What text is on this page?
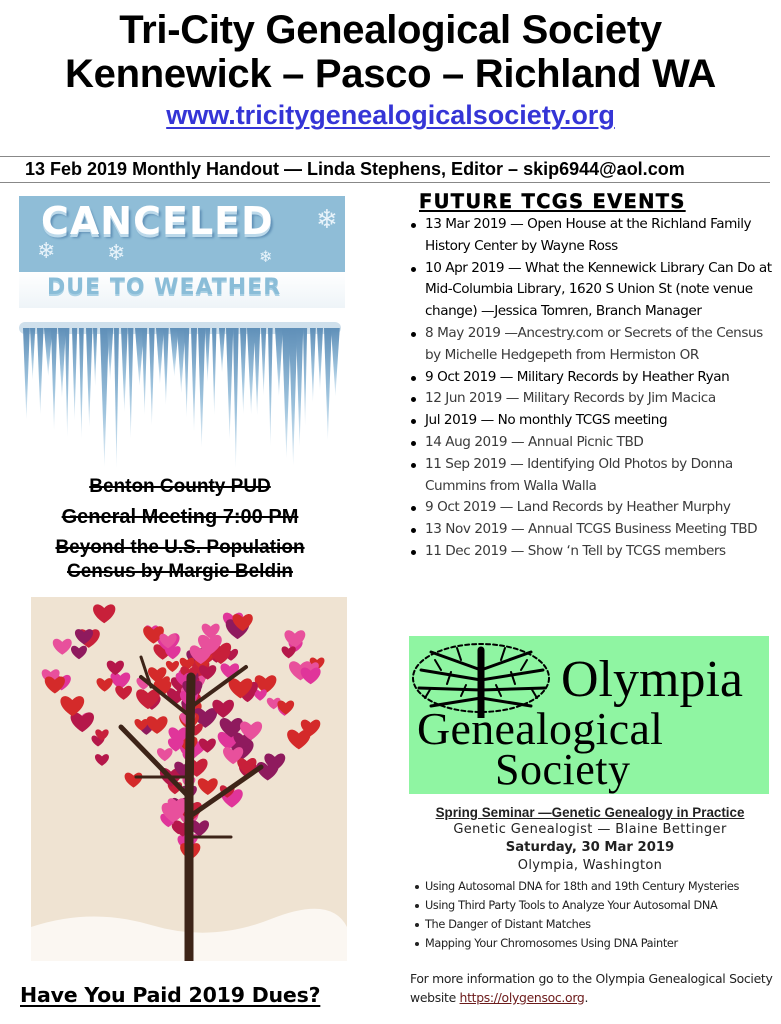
Tri-City Genealogical Society
Kennewick – Pasco – Richland WA
www.tricitygenealogicalsociety.org
13 Feb 2019 Monthly Handout — Linda Stephens, Editor – skip6944@aol.com
❄ ❄	❄
❄
CANCELED
DUE TO WEATHER
Benton County PUD
General Meeting 7:00 PM
Beyond the U.S. Population
Census by Margie Beldin
Have You Paid 2019 Dues?
FUTURE TCGS EVENTS
13 Mar 2019 — Open House at the Richland Family History Center by Wayne Ross
10 Apr 2019 — What the Kennewick Library Can Do at Mid-Columbia Library, 1620 S Union St (note venue change) —Jessica Tomren, Branch Manager
8 May 2019 —Ancestry.com or Secrets of the Census by Michelle Hedgepeth from Hermiston OR
9 Oct 2019 — Military Records by Heather Ryan
12 Jun 2019 — Military Records by Jim Macica
Jul 2019 — No monthly TCGS meeting
14 Aug 2019 — Annual Picnic TBD
11 Sep 2019 — Identifying Old Photos by Donna Cummins from Walla Walla
9 Oct 2019 — Land Records by Heather Murphy
13 Nov 2019 — Annual TCGS Business Meeting TBD
11 Dec 2019 — Show ‘n Tell by TCGS members
Olympia
Genealogical
Society
Spring Seminar —Genetic Genealogy in Practice
Genetic Genealogist — Blaine Bettinger
Saturday, 30 Mar 2019
Olympia, Washington
Using Autosomal DNA for 18th and 19th Century Mysteries
Using Third Party Tools to Analyze Your Autosomal DNA
The Danger of Distant Matches
Mapping Your Chromosomes Using DNA Painter
For more information go to the Olympia Genealogical Society website https://olygensoc.org.
